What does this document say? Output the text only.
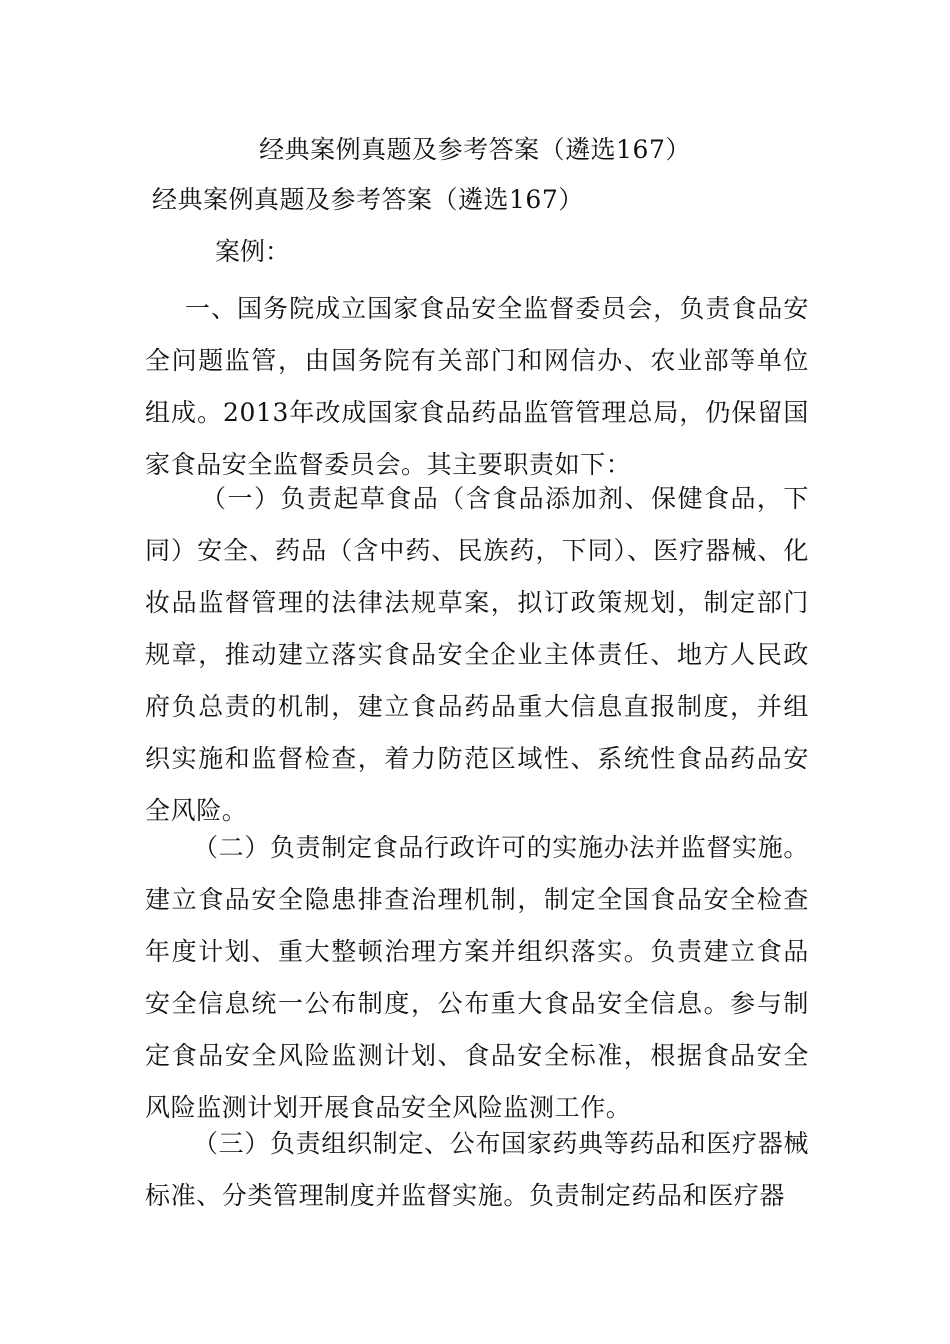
经典案例真题及参考答案（遴选167）

经典案例真题及参考答案（遴选167）

案例：

一、国务院成立国家食品安全监督委员会，负责食品安全问题监管，由国务院有关部门和网信办、农业部等单位组成。2013年改成国家食品药品监管管理总局，仍保留国家食品安全监督委员会。其主要职责如下：

（一）负责起草食品（含食品添加剂、保健食品，下同）安全、药品（含中药、民族药，下同）、医疗器械、化妆品监督管理的法律法规草案，拟订政策规划，制定部门规章，推动建立落实食品安全企业主体责任、地方人民政府负总责的机制，建立食品药品重大信息直报制度，并组织实施和监督检查，着力防范区域性、系统性食品药品安全风险。

（二）负责制定食品行政许可的实施办法并监督实施。建立食品安全隐患排查治理机制，制定全国食品安全检查年度计划、重大整顿治理方案并组织落实。负责建立食品安全信息统一公布制度，公布重大食品安全信息。参与制定食品安全风险监测计划、食品安全标准，根据食品安全风险监测计划开展食品安全风险监测工作。

（三）负责组织制定、公布国家药典等药品和医疗器械标准、分类管理制度并监督实施。负责制定药品和医疗器
